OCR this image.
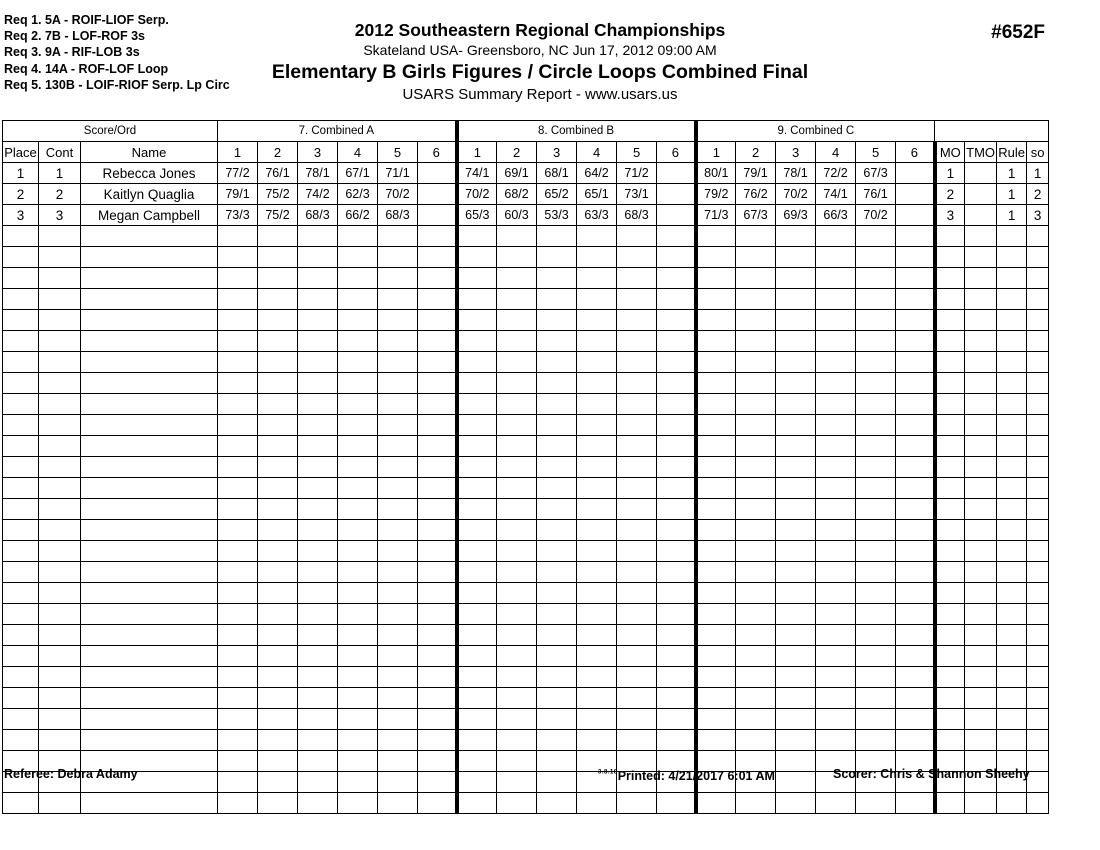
Req 1. 5A - ROIF-LIOF Serp.
Req 2. 7B - LOF-ROF 3s
Req 3. 9A - RIF-LOB 3s
Req 4. 14A - ROF-LOF Loop
Req 5. 130B - LOIF-RIOF Serp. Lp Circ
2012 Southeastern Regional Championships
Skateland USA- Greensboro, NC Jun 17, 2012 09:00 AM
Elementary B Girls Figures / Circle Loops Combined Final
USARS Summary Report - www.usars.us
#652F
Score/Ord			7. Combined A						8. Combined B						9. Combined C									
Place	Cont	Name	1	2	3	4	5	6	1	2	3	4	5	6	1	2	3	4	5	6	MO	TMO	Rule	so
1	1	Rebecca Jones	77/2	76/1	78/1	67/1	71/1		74/1	69/1	68/1	64/2	71/2		80/1	79/1	78/1	72/2	67/3		1		1	1
2	2	Kaitlyn Quaglia	79/1	75/2	74/2	62/3	70/2		70/2	68/2	65/2	65/1	73/1		79/2	76/2	70/2	74/1	76/1		2		1	2
3	3	Megan Campbell	73/3	75/2	68/3	66/2	68/3		65/3	60/3	53/3	63/3	68/3		71/3	67/3	69/3	66/3	70/2		3		1	3

Referee: Debra Adamy	$^{3.8.18}$Printed: 4/21/2017 6:01 AM	Scorer: Chris & Shannon Sheehy
